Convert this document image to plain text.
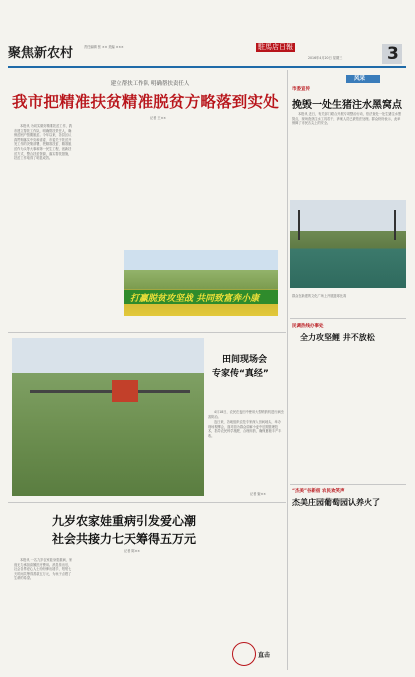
聚焦新农村	责任编辑 张 ×× 美编 ×××	駐馬店日報
2016年4月20日 星期三	3
建立帮扶工作队 明确帮扶责任人
我市把精准扶贫精准脱贫方略落到实处
记者 王××

本报讯 为切实做好精准扶贫工作，我市建立帮扶工作队，明确帮扶责任人，确保贫困户按期脱贫。今年以来，各县区认真贯彻落实中央和省委、市委关于扶贫开发工作的决策部署，把精准扶贫、精准脱贫作为头等大事和第一民生工程，创新扶贫方式，整合扶贫资源，落实帮扶措施，扶贫工作取得了明显成效。

打赢脱贫攻坚战 共同致富奔小康
风采
市委宣传
挽毁一处生猪注水黑窝点

本报讯 近日，有关部门联合开展专项整治行动，依法查处一处生猪注水黑窝点，现场查获注水工具若干，涉案人员已被依法处理。群众纷纷表示，此举保障了市民舌尖上的安全。

群众在新建的文化广场上开展篮球比赛
民调热线办事处
全力攻坚鲤 井不放松
“杰美”谷新宿 农民欢笑声
杰美庄园葡萄园认养火了
田间现场会
专家传“真经”

4月18日，农民在麦田中使用大型喷药机进行病虫害防治。

连日来，各地组织农技专家深入田间地头，举办现场观摩会，面对面为群众讲解小麦中后期管理技术，指导农民科学施肥、合理用药，确保夏粮丰产丰收。

记者 姬××
九岁农家娃重病引发爱心潮
社会共接力七天筹得五万元
记者 陈××

本报讯 一名九岁农家娃身患重病，家庭无力承担高额医疗费用。消息传出后，社会各界爱心人士纷纷伸出援手，短短七天时间共筹得善款五万元，为孩子点燃了生命的希望。

直击
